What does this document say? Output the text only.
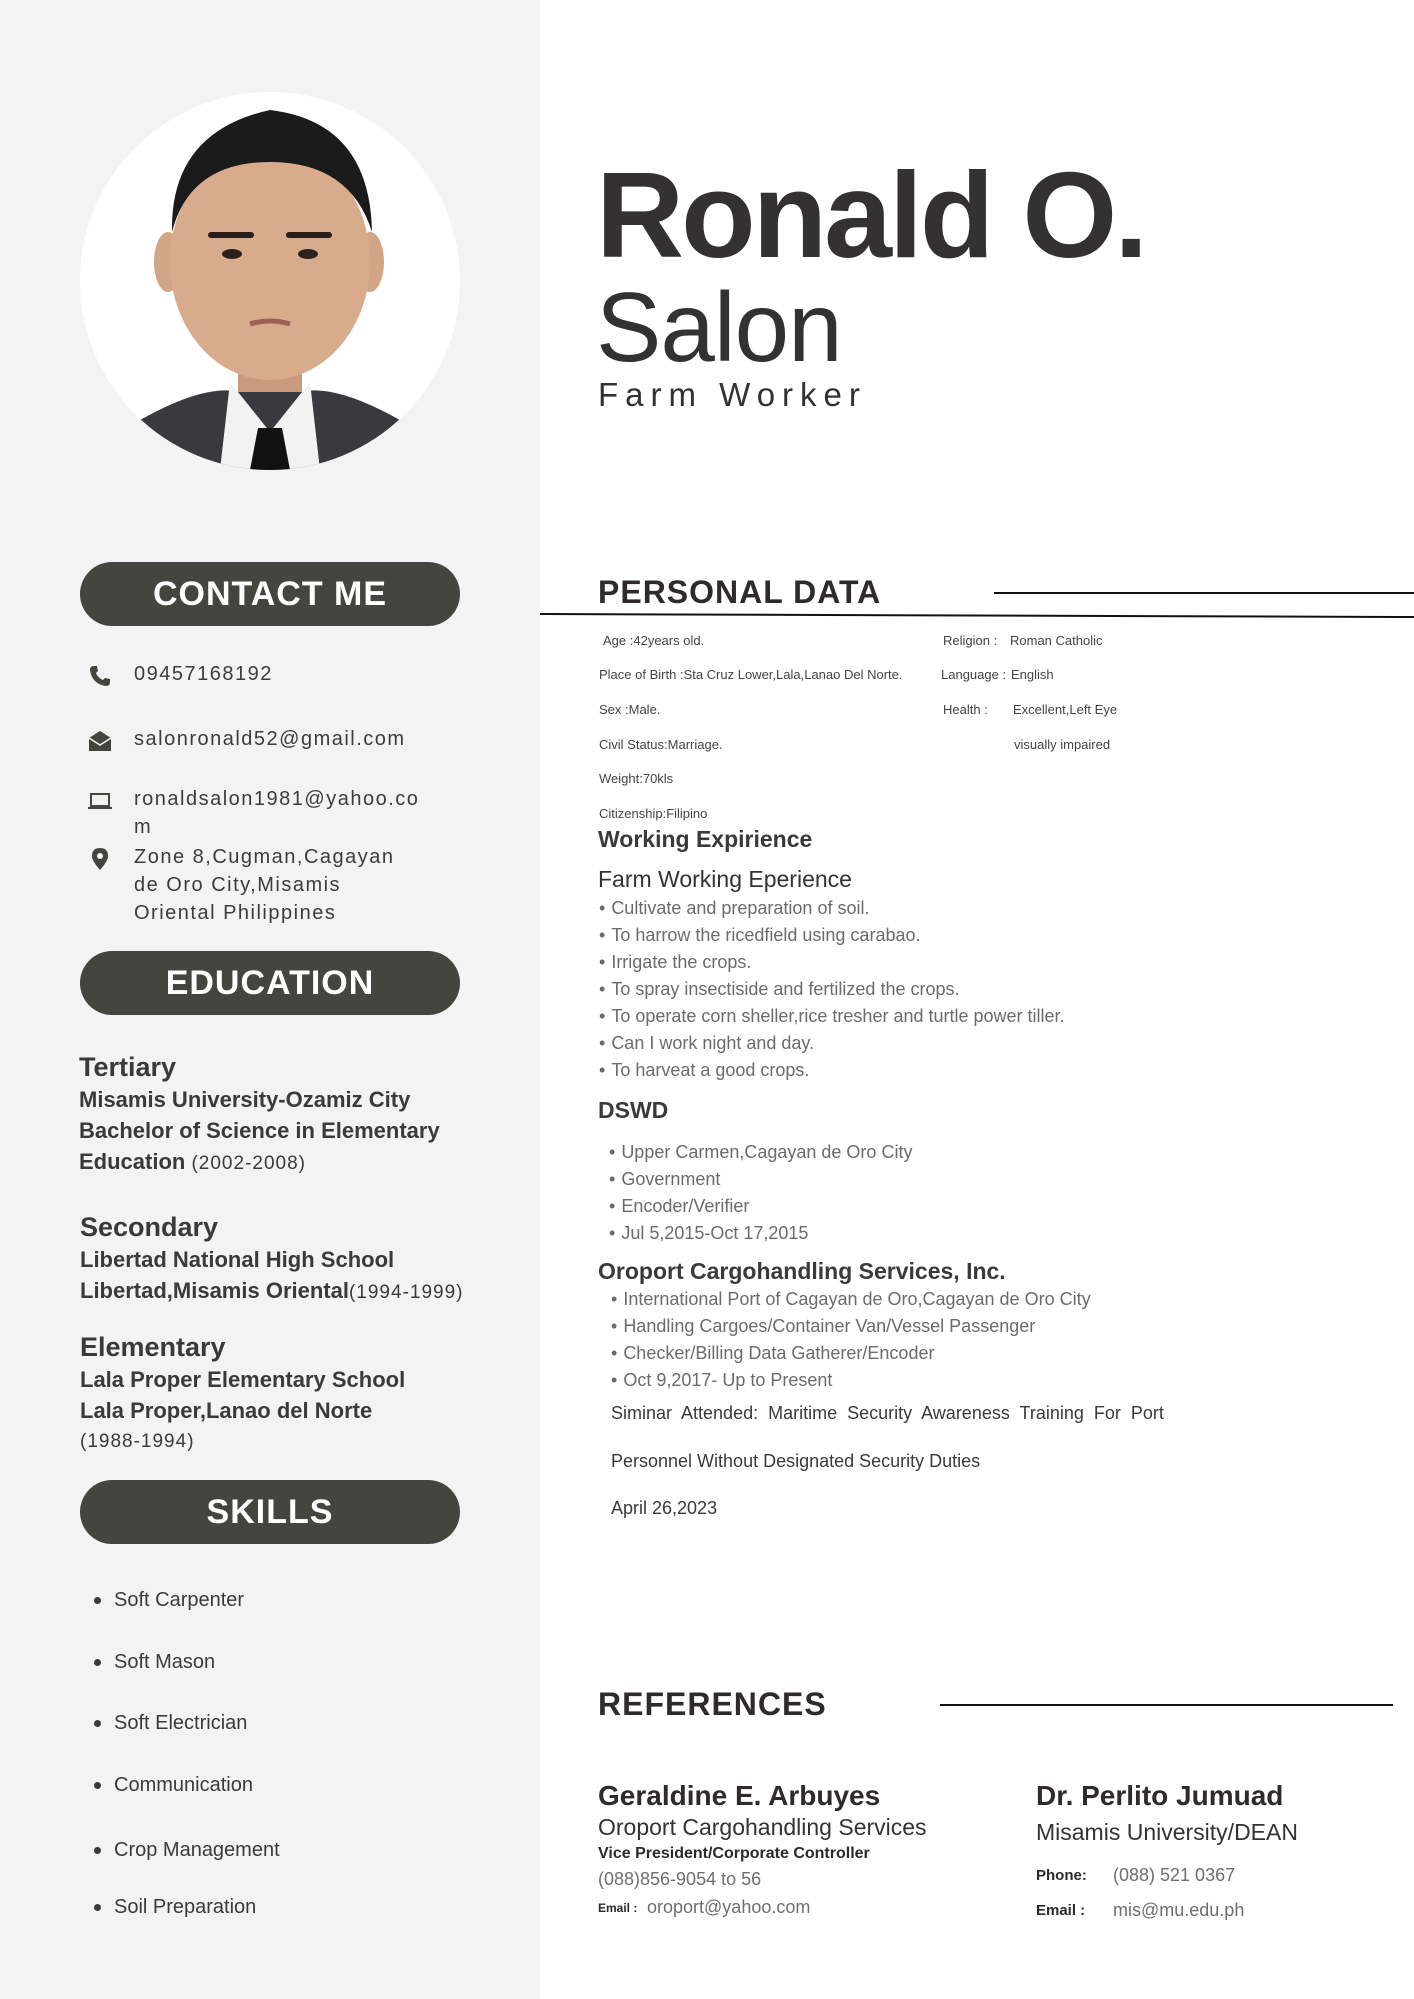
CONTACT ME
09457168192
salonronald52@gmail.com
ronaldsalon1981@yahoo.com
Zone 8,Cugman,Cagayan de Oro City,Misamis Oriental Philippines
EDUCATION
Tertiary
Misamis University-Ozamiz City
Bachelor of Science in Elementary
Education (2002-2008)
Secondary
Libertad National High School
Libertad,Misamis Oriental(1994-1999)
Elementary
Lala Proper Elementary School
Lala Proper,Lanao del Norte
(1988-1994)
SKILLS
Soft Carpenter
Soft Mason
Soft Electrician
Communication
Crop Management
Soil Preparation
Ronald O.
Salon
Farm Worker
PERSONAL DATA
Age :42years old.
Place of Birth :Sta Cruz Lower,Lala,Lanao Del Norte.
Sex :Male.
Civil Status:Marriage.
Weight:70kls
Citizenship:Filipino
Religion : Roman Catholic
Language : English
Health : Excellent,Left Eye
visually impaired
Working Expirience
Farm Working Eperience
• Cultivate and preparation of soil.
• To harrow the ricedfield using carabao.
• Irrigate the crops.
• To spray insectiside and fertilized the crops.
• To operate corn sheller,rice tresher and turtle power tiller.
• Can I work night and day.
• To harveat a good crops.
DSWD
• Upper Carmen,Cagayan de Oro City
• Government
• Encoder/Verifier
• Jul 5,2015-Oct 17,2015
Oroport Cargohandling Services, Inc.
• International Port of Cagayan de Oro,Cagayan de Oro City
• Handling Cargoes/Container Van/Vessel Passenger
• Checker/Billing Data Gatherer/Encoder
• Oct 9,2017- Up to Present
Siminar  Attended:  Maritime  Security  Awareness  Training  For  Port
Personnel Without Designated Security Duties
April 26,2023
REFERENCES
Geraldine E. Arbuyes
Oroport Cargohandling Services
Vice President/Corporate Controller
(088)856-9054 to 56
Email : oroport@yahoo.com
Dr. Perlito Jumuad
Misamis University/DEAN
Phone: (088) 521 0367
Email : mis@mu.edu.ph
